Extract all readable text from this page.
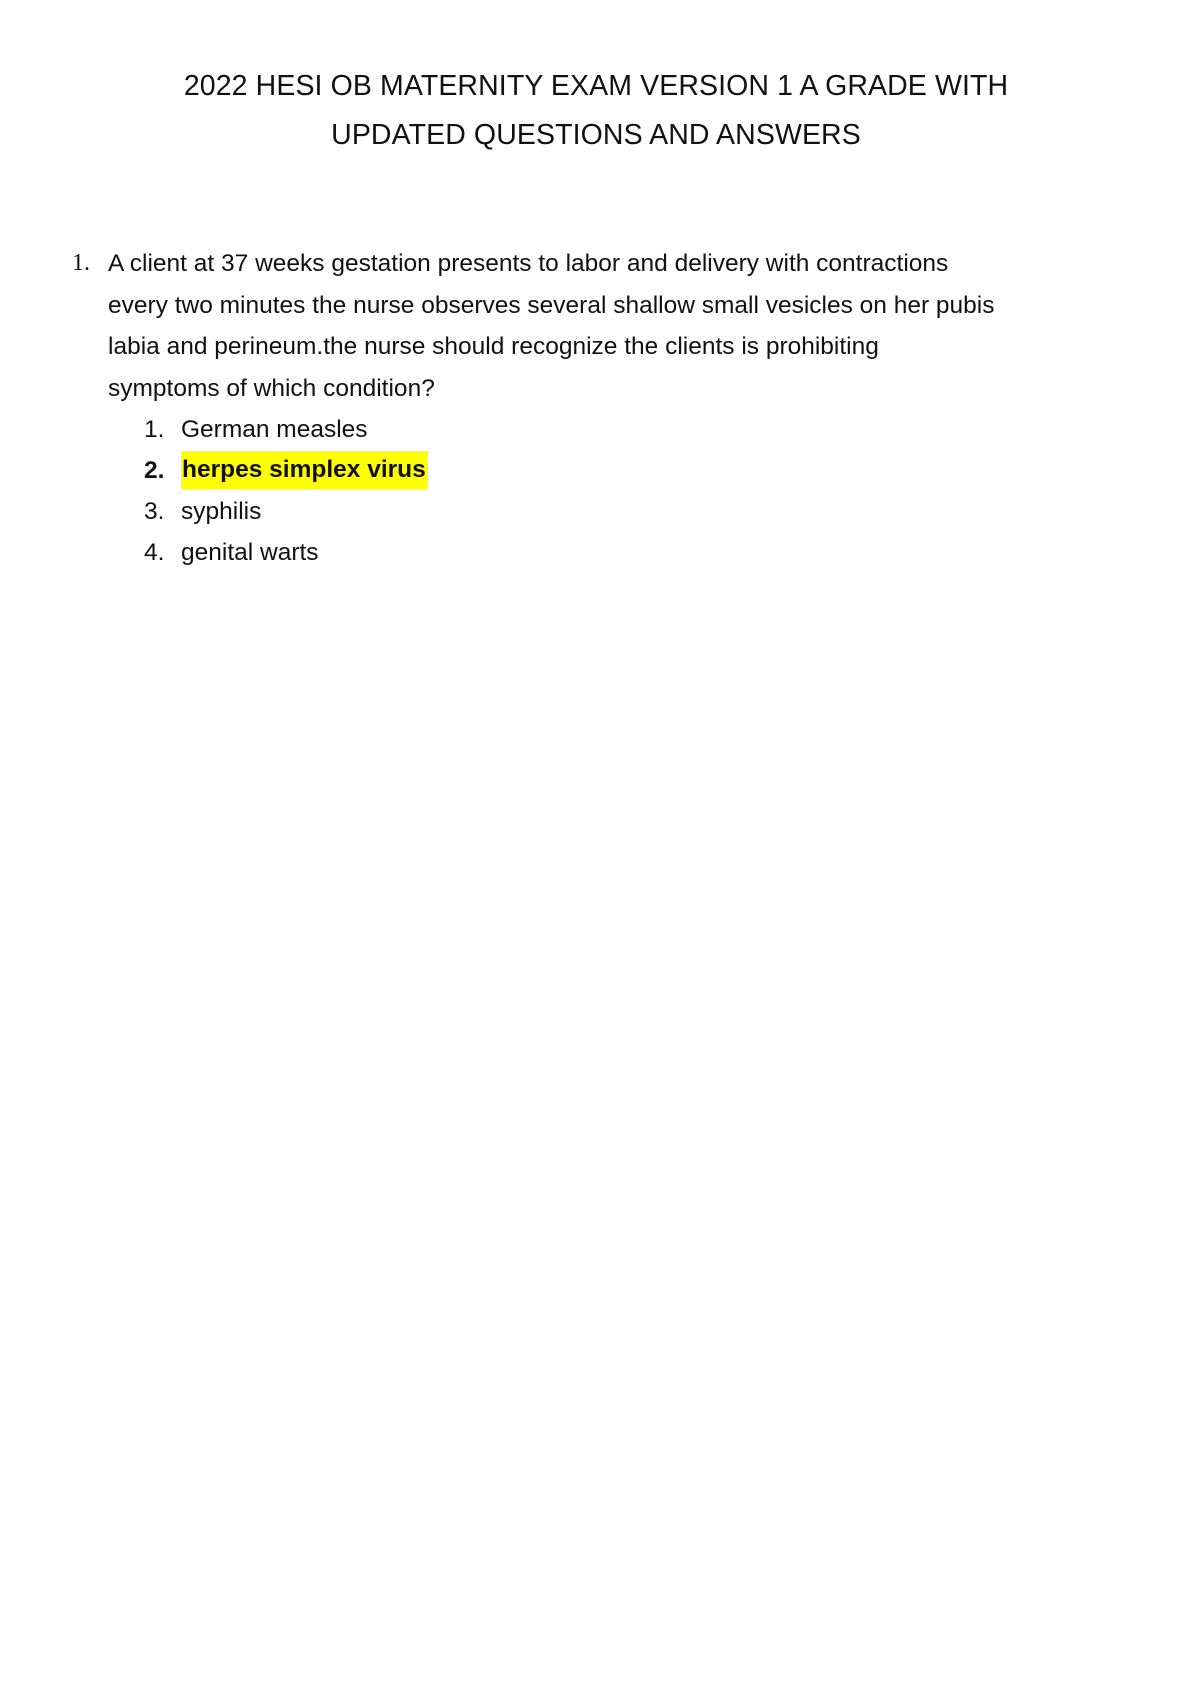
2022 HESI OB MATERNITY EXAM VERSION 1 A GRADE WITH
UPDATED QUESTIONS AND ANSWERS
1. A client at 37 weeks gestation presents to labor and delivery with contractions
every two minutes the nurse observes several shallow small vesicles on her pubis
labia and perineum.the nurse should recognize the clients is prohibiting
symptoms of which condition?
1. German measles
2. herpes simplex virus
3. syphilis
4. genital warts
